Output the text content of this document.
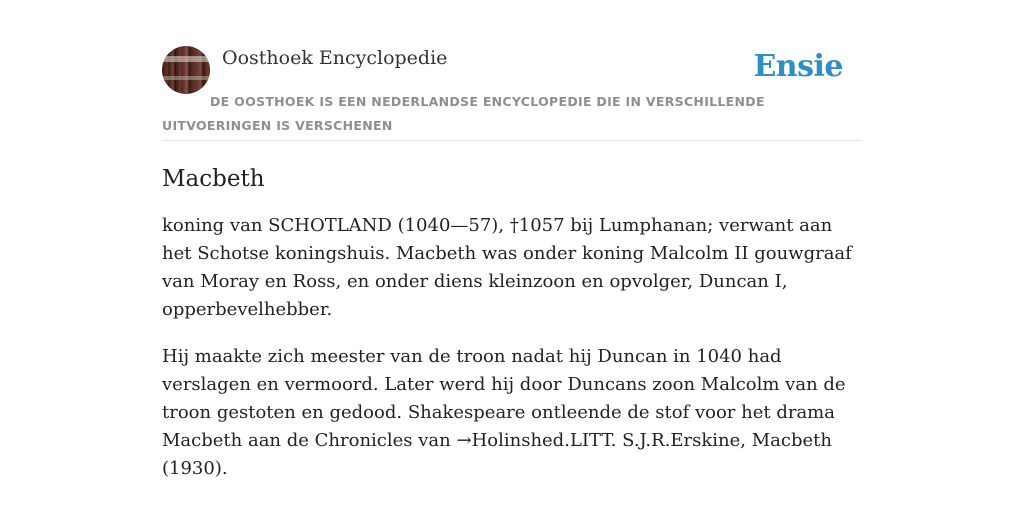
Oosthoek Encyclopedie	Ensie
DE OOSTHOEK IS EEN NEDERLANDSE ENCYCLOPEDIE DIE IN VERSCHILLENDE UITVOERINGEN IS VERSCHENEN
Macbeth

koning van SCHOTLAND (1040—57), †1057 bij Lumphanan; verwant aan het Schotse koningshuis. Macbeth was onder koning Malcolm II gouwgraaf van Moray en Ross, en onder diens kleinzoon en opvolger, Duncan I, opperbevelhebber.

Hij maakte zich meester van de troon nadat hij Duncan in 1040 had verslagen en vermoord. Later werd hij door Duncans zoon Malcolm van de troon gestoten en gedood. Shakespeare ontleende de stof voor het drama Macbeth aan de Chronicles van →Holinshed.LITT. S.J.R.Erskine, Macbeth (1930).
